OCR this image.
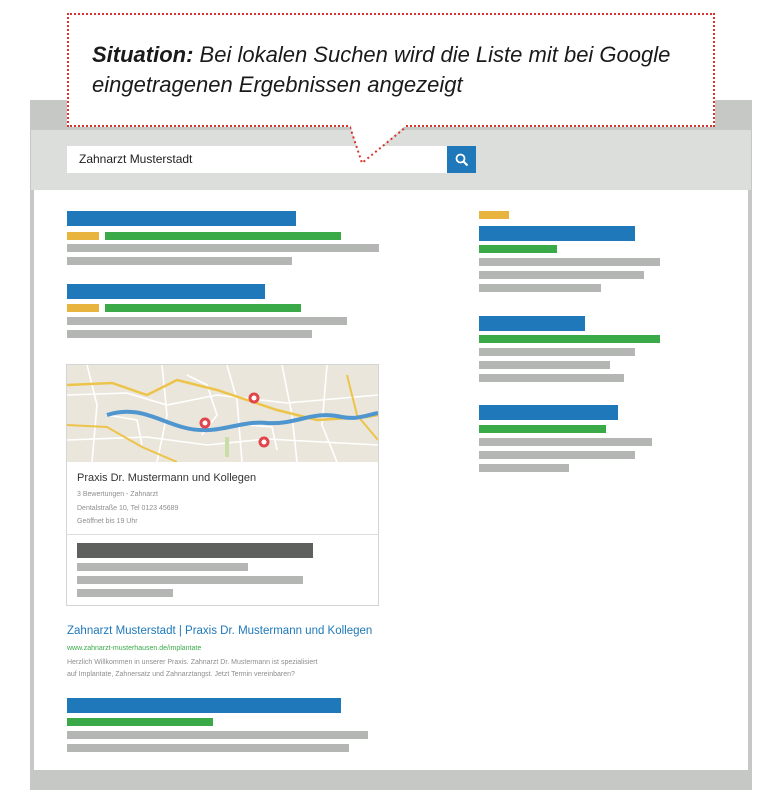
Zahnarzt Musterstadt
Situation: Bei lokalen Suchen wird die Liste mit bei Google eingetragenen Ergebnissen angezeigt
Praxis Dr. Mustermann und Kollegen
3 Bewertungen - Zahnarzt
Dentalstraße 10, Tel 0123 45689
Geöffnet bis 19 Uhr
Zahnarzt Musterstadt | Praxis Dr. Mustermann und Kollegen
www.zahnarzt-musterhausen.de/implantate
Herzlich Willkommen in unserer Praxis. Zahnarzt Dr. Mustermann ist spezialisiert
auf Implantate, Zahnersatz und Zahnarztangst. Jetzt Termin vereinbaren?
